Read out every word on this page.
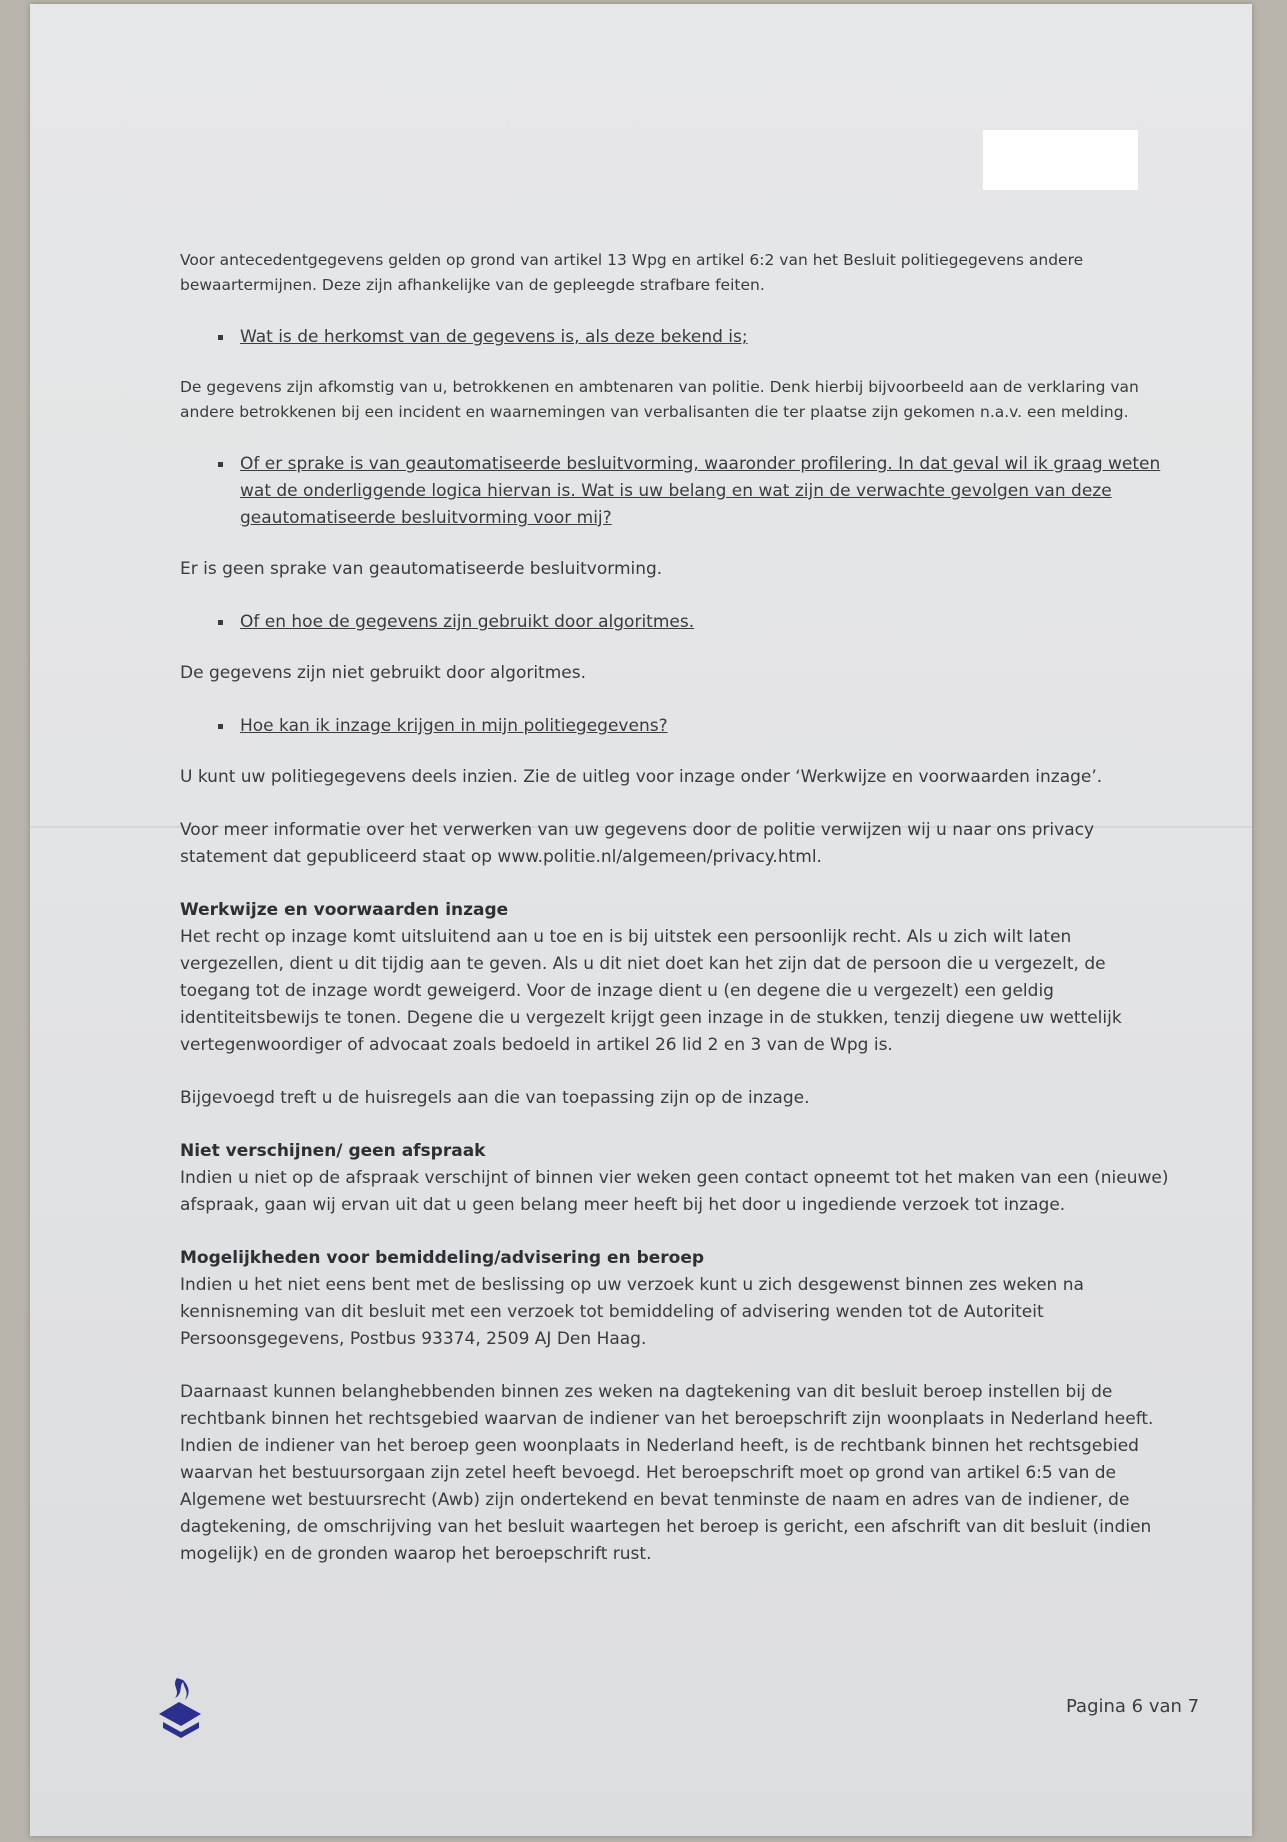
Voor antecedentgegevens gelden op grond van artikel 13 Wpg en artikel 6:2 van het Besluit politiegegevens andere bewaartermijnen. Deze zijn afhankelijke van de gepleegde strafbare feiten.

Wat is de herkomst van de gegevens is, als deze bekend is;

De gegevens zijn afkomstig van u, betrokkenen en ambtenaren van politie. Denk hierbij bijvoorbeeld aan de verklaring van andere betrokkenen bij een incident en waarnemingen van verbalisanten die ter plaatse zijn gekomen n.a.v. een melding.

Of er sprake is van geautomatiseerde besluitvorming, waaronder profilering. In dat geval wil ik graag weten wat de onderliggende logica hiervan is. Wat is uw belang en wat zijn de verwachte gevolgen van deze geautomatiseerde besluitvorming voor mij?

Er is geen sprake van geautomatiseerde besluitvorming.

Of en hoe de gegevens zijn gebruikt door algoritmes.

De gegevens zijn niet gebruikt door algoritmes.

Hoe kan ik inzage krijgen in mijn politiegegevens?

U kunt uw politiegegevens deels inzien. Zie de uitleg voor inzage onder ‘Werkwijze en voorwaarden inzage’.

Voor meer informatie over het verwerken van uw gegevens door de politie verwijzen wij u naar ons privacy statement dat gepubliceerd staat op www.politie.nl/algemeen/privacy.html.

Werkwijze en voorwaarden inzage

Het recht op inzage komt uitsluitend aan u toe en is bij uitstek een persoonlijk recht. Als u zich wilt laten vergezellen, dient u dit tijdig aan te geven. Als u dit niet doet kan het zijn dat de persoon die u vergezelt, de toegang tot de inzage wordt geweigerd. Voor de inzage dient u (en degene die u vergezelt) een geldig identiteitsbewijs te tonen. Degene die u vergezelt krijgt geen inzage in de stukken, tenzij diegene uw wettelijk vertegenwoordiger of advocaat zoals bedoeld in artikel 26 lid 2 en 3 van de Wpg is.

Bijgevoegd treft u de huisregels aan die van toepassing zijn op de inzage.

Niet verschijnen/ geen afspraak

Indien u niet op de afspraak verschijnt of binnen vier weken geen contact opneemt tot het maken van een (nieuwe) afspraak, gaan wij ervan uit dat u geen belang meer heeft bij het door u ingediende verzoek tot inzage.

Mogelijkheden voor bemiddeling/advisering en beroep

Indien u het niet eens bent met de beslissing op uw verzoek kunt u zich desgewenst binnen zes weken na kennisneming van dit besluit met een verzoek tot bemiddeling of advisering wenden tot de Autoriteit Persoonsgegevens, Postbus 93374, 2509 AJ Den Haag.

Daarnaast kunnen belanghebbenden binnen zes weken na dagtekening van dit besluit beroep instellen bij de rechtbank binnen het rechtsgebied waarvan de indiener van het beroepschrift zijn woonplaats in Nederland heeft. Indien de indiener van het beroep geen woonplaats in Nederland heeft, is de rechtbank binnen het rechtsgebied waarvan het bestuursorgaan zijn zetel heeft bevoegd. Het beroepschrift moet op grond van artikel 6:5 van de Algemene wet bestuursrecht (Awb) zijn ondertekend en bevat tenminste de naam en adres van de indiener, de dagtekening, de omschrijving van het besluit waartegen het beroep is gericht, een afschrift van dit besluit (indien mogelijk) en de gronden waarop het beroepschrift rust.

Pagina 6 van 7
